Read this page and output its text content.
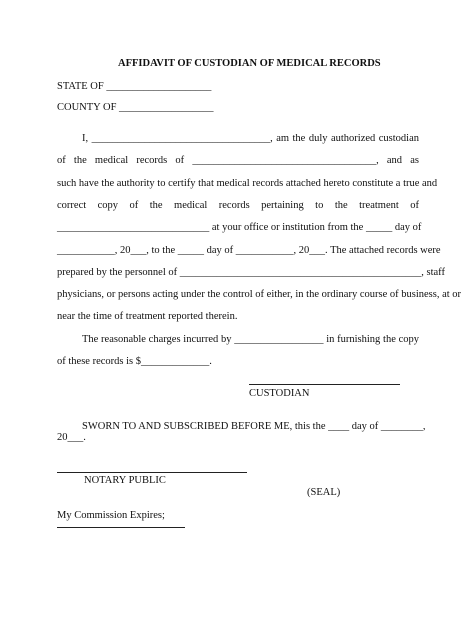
AFFIDAVIT OF CUSTODIAN OF MEDICAL RECORDS
STATE OF ____________________
COUNTY OF __________________
I, __________________________________, am the duly authorized custodian
of the medical records of ___________________________________, and as
such have the authority to certify that medical records attached hereto constitute a true and
correct copy of the medical records pertaining to the treatment of
_____________________________ at your office or institution from the _____ day of
___________, 20___, to the _____ day of ___________, 20___. The attached records were
prepared by the personnel of ______________________________________________, staff
physicians, or persons acting under the control of either, in the ordinary course of business, at or
near the time of treatment reported therein.
The reasonable charges incurred by _________________ in furnishing the copy
of these records is $_____________.
CUSTODIAN
SWORN TO AND SUBSCRIBED BEFORE ME, this the ____ day of ________,
20___.
NOTARY PUBLIC
(SEAL)
My Commission Expires;
